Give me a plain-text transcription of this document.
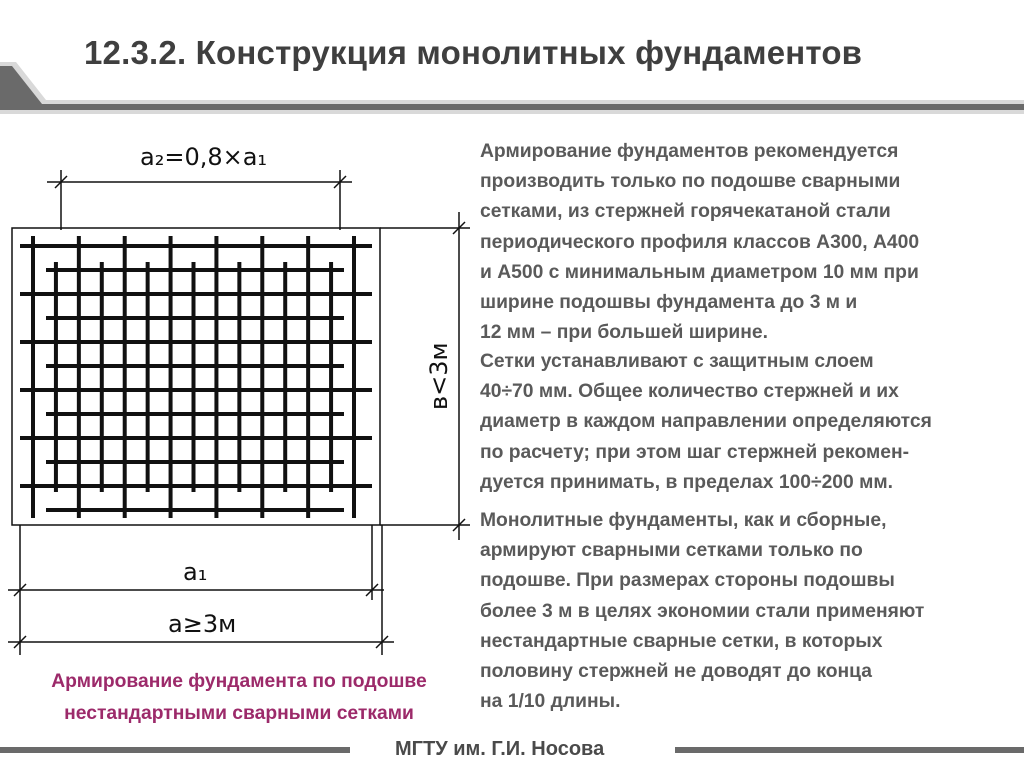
12.3.2. Конструкция монолитных фундаментов
a₂=0,8×a₁
в<3м
a₁
a≥3м
Армирование фундаментов рекомендуется
производить только по подошве сварными
сетками, из стержней горячекатаной стали
периодического профиля классов А300, А400
и А500 с минимальным диаметром 10 мм при
ширине подошвы фундамента до 3 м и
12 мм – при большей ширине.
Сетки устанавливают с защитным слоем
40÷70 мм. Общее количество стержней и их
диаметр в каждом направлении определяются
по расчету; при этом шаг стержней рекомен-
дуется принимать, в пределах 100÷200 мм.
Монолитные фундаменты, как и сборные,
армируют сварными сетками только по
подошве. При размерах стороны подошвы
более 3 м в целях экономии стали применяют
нестандартные сварные сетки, в которых
половину стержней не доводят до конца
на 1/10 длины.
Армирование фундамента по подошве
нестандартными сварными сетками
МГТУ им. Г.И. Носова
